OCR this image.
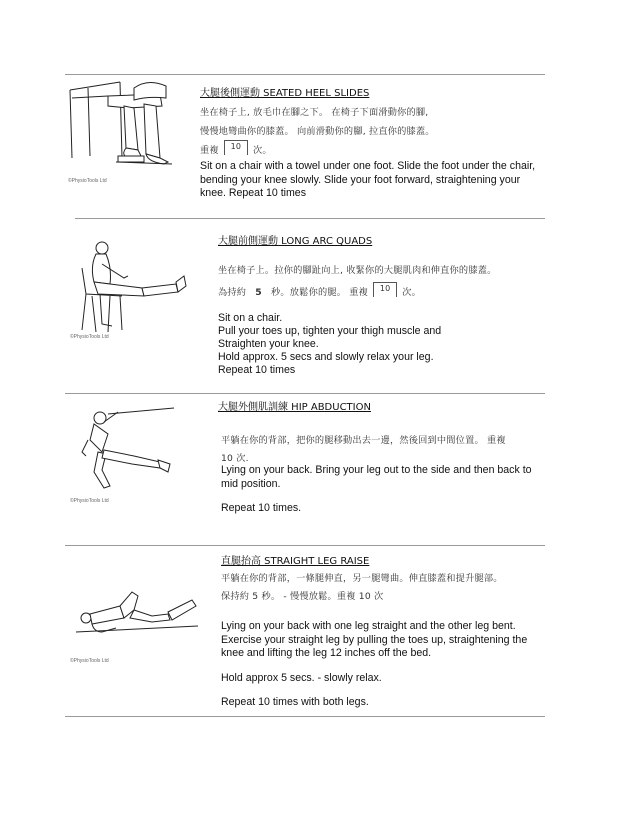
©PhysioTools Ltd
©PhysioTools Ltd
©PhysioTools Ltd
©PhysioTools Ltd
大腿後側運動 SEATED HEEL SLIDES
坐在椅子上, 放毛巾在腳之下。 在椅子下面滑動你的腳,
慢慢地彎曲你的膝蓋。 向前滑動你的腳, 拉直你的膝蓋。
重複 10 次。
Sit on a chair with a towel under one foot. Slide the foot under the chair, bending your knee slowly. Slide your foot forward, straightening your knee. Repeat 10 times
大腿前側運動 LONG ARC QUADS
坐在椅子上。拉你的腳趾向上, 收緊你的大腿肌肉和伸直你的膝蓋。
為持約 5 秒。放鬆你的腿。 重複 10 次。
Sit on a chair.
Pull your toes up, tighten your thigh muscle and
Straighten your knee.
Hold approx. 5 secs and slowly relax your leg.
Repeat 10 times
大腿外側肌訓練 HIP ABDUCTION
平躺在你的背部，把你的腿移動出去一邊，然後回到中間位置。 重複
10 次.
Lying on your back. Bring your leg out to the side and then back to mid position.
Repeat 10 times.
直腿抬高 STRAIGHT LEG RAISE
平躺在你的背部，一條腿伸直，另一腿彎曲。伸直膝蓋和提升腿部。
保持約 5 秒。 - 慢慢放鬆。重複 10 次
Lying on your back with one leg straight and the other leg bent. Exercise your straight leg by pulling the toes up, straightening the knee and lifting the leg 12 inches off the bed.
Hold approx 5 secs. - slowly relax.
Repeat 10 times with both legs.
